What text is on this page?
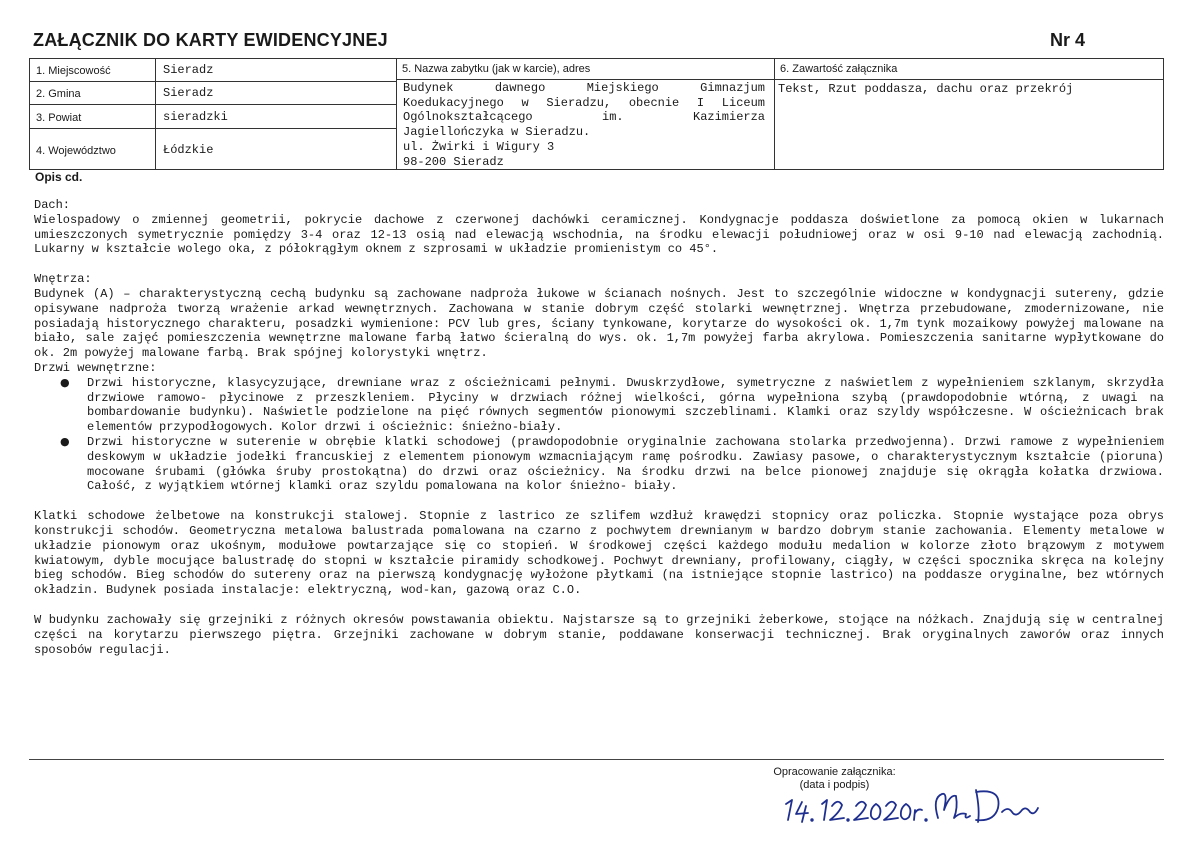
ZAŁĄCZNIK DO KARTY EWIDENCYJNEJ	Nr 4
1. Miejscowość	Sieradz
2. Gmina	Sieradz
3. Powiat	sieradzki
4. Województwo	Łódzkie
5. Nazwa zabytku (jak w karcie), adres
Budynek dawnego Miejskiego Gimnazjum
Koedukacyjnego w Sieradzu, obecnie I Liceum
Ogólnokształcącego im. Kazimierza
Jagiellończyka w Sieradzu.
ul. Żwirki i Wigury 3
98-200 Sieradz
6. Zawartość załącznika
Tekst, Rzut poddasza, dachu oraz przekrój
Opis cd.

Dach:

Wielospadowy o zmiennej geometrii, pokrycie dachowe z czerwonej dachówki ceramicznej. Kondygnacje poddasza doświetlone za pomocą okien w lukarnach umieszczonych symetrycznie pomiędzy 3-4 oraz 12-13 osią nad elewacją wschodnia, na środku elewacji południowej oraz w osi 9-10 nad elewacją zachodnią. Lukarny w kształcie wolego oka, z półokrągłym oknem z szprosami w układzie promienistym co 45°.

Wnętrza:

Budynek (A) – charakterystyczną cechą budynku są zachowane nadproża łukowe w ścianach nośnych. Jest to szczególnie widoczne w kondygnacji sutereny, gdzie opisywane nadproża tworzą wrażenie arkad wewnętrznych. Zachowana w stanie dobrym część stolarki wewnętrznej. Wnętrza przebudowane, zmodernizowane, nie posiadają historycznego charakteru, posadzki wymienione: PCV lub gres, ściany tynkowane, korytarze do wysokości ok. 1,7m tynk mozaikowy powyżej malowane na biało, sale zajęć pomieszczenia wewnętrzne malowane farbą łatwo ścieralną do wys. ok. 1,7m powyżej farba akrylowa. Pomieszczenia sanitarne wypłytkowane do ok. 2m powyżej malowane farbą. Brak spójnej kolorystyki wnętrz.

Drzwi wewnętrzne:

● Drzwi historyczne, klasycyzujące, drewniane wraz z ościeżnicami pełnymi. Dwuskrzydłowe, symetryczne z naświetlem z wypełnieniem szklanym, skrzydła drzwiowe ramowo- płycinowe z przeszkleniem. Płyciny w drzwiach różnej wielkości, górna wypełniona szybą (prawdopodobnie wtórną, z uwagi na bombardowanie budynku). Naświetle podzielone na pięć równych segmentów pionowymi szczeblinami. Klamki oraz szyldy współczesne. W ościeżnicach brak elementów przypodłogowych. Kolor drzwi i ościeżnic: śnieżno-biały.

● Drzwi historyczne w suterenie w obrębie klatki schodowej (prawdopodobnie oryginalnie zachowana stolarka przedwojenna). Drzwi ramowe z wypełnieniem deskowym w układzie jodełki francuskiej z elementem pionowym wzmacniającym ramę pośrodku. Zawiasy pasowe, o charakterystycznym kształcie (pioruna) mocowane śrubami (główka śruby prostokątna) do drzwi oraz ościeżnicy. Na środku drzwi na belce pionowej znajduje się okrągła kołatka drzwiowa. Całość, z wyjątkiem wtórnej klamki oraz szyldu pomalowana na kolor śnieżno- biały.

Klatki schodowe żelbetowe na konstrukcji stalowej. Stopnie z lastrico ze szlifem wzdłuż krawędzi stopnicy oraz policzka. Stopnie wystające poza obrys konstrukcji schodów. Geometryczna metalowa balustrada pomalowana na czarno z pochwytem drewnianym w bardzo dobrym stanie zachowania. Elementy metalowe w układzie pionowym oraz ukośnym, modułowe powtarzające się co stopień. W środkowej części każdego modułu medalion w kolorze złoto brązowym z motywem kwiatowym, dyble mocujące balustradę do stopni w kształcie piramidy schodkowej. Pochwyt drewniany, profilowany, ciągły, w części spocznika skręca na kolejny bieg schodów. Bieg schodów do sutereny oraz na pierwszą kondygnację wyłożone płytkami (na istniejące stopnie lastrico) na poddasze oryginalne, bez wtórnych okładzin. Budynek posiada instalacje: elektryczną, wod-kan, gazową oraz C.O.

W budynku zachowały się grzejniki z różnych okresów powstawania obiektu. Najstarsze są to grzejniki żeberkowe, stojące na nóżkach. Znajdują się w centralnej części na korytarzu pierwszego piętra. Grzejniki zachowane w dobrym stanie, poddawane konserwacji technicznej. Brak oryginalnych zaworów oraz innych sposobów regulacji.

Opracowanie załącznika:
(data i podpis)
